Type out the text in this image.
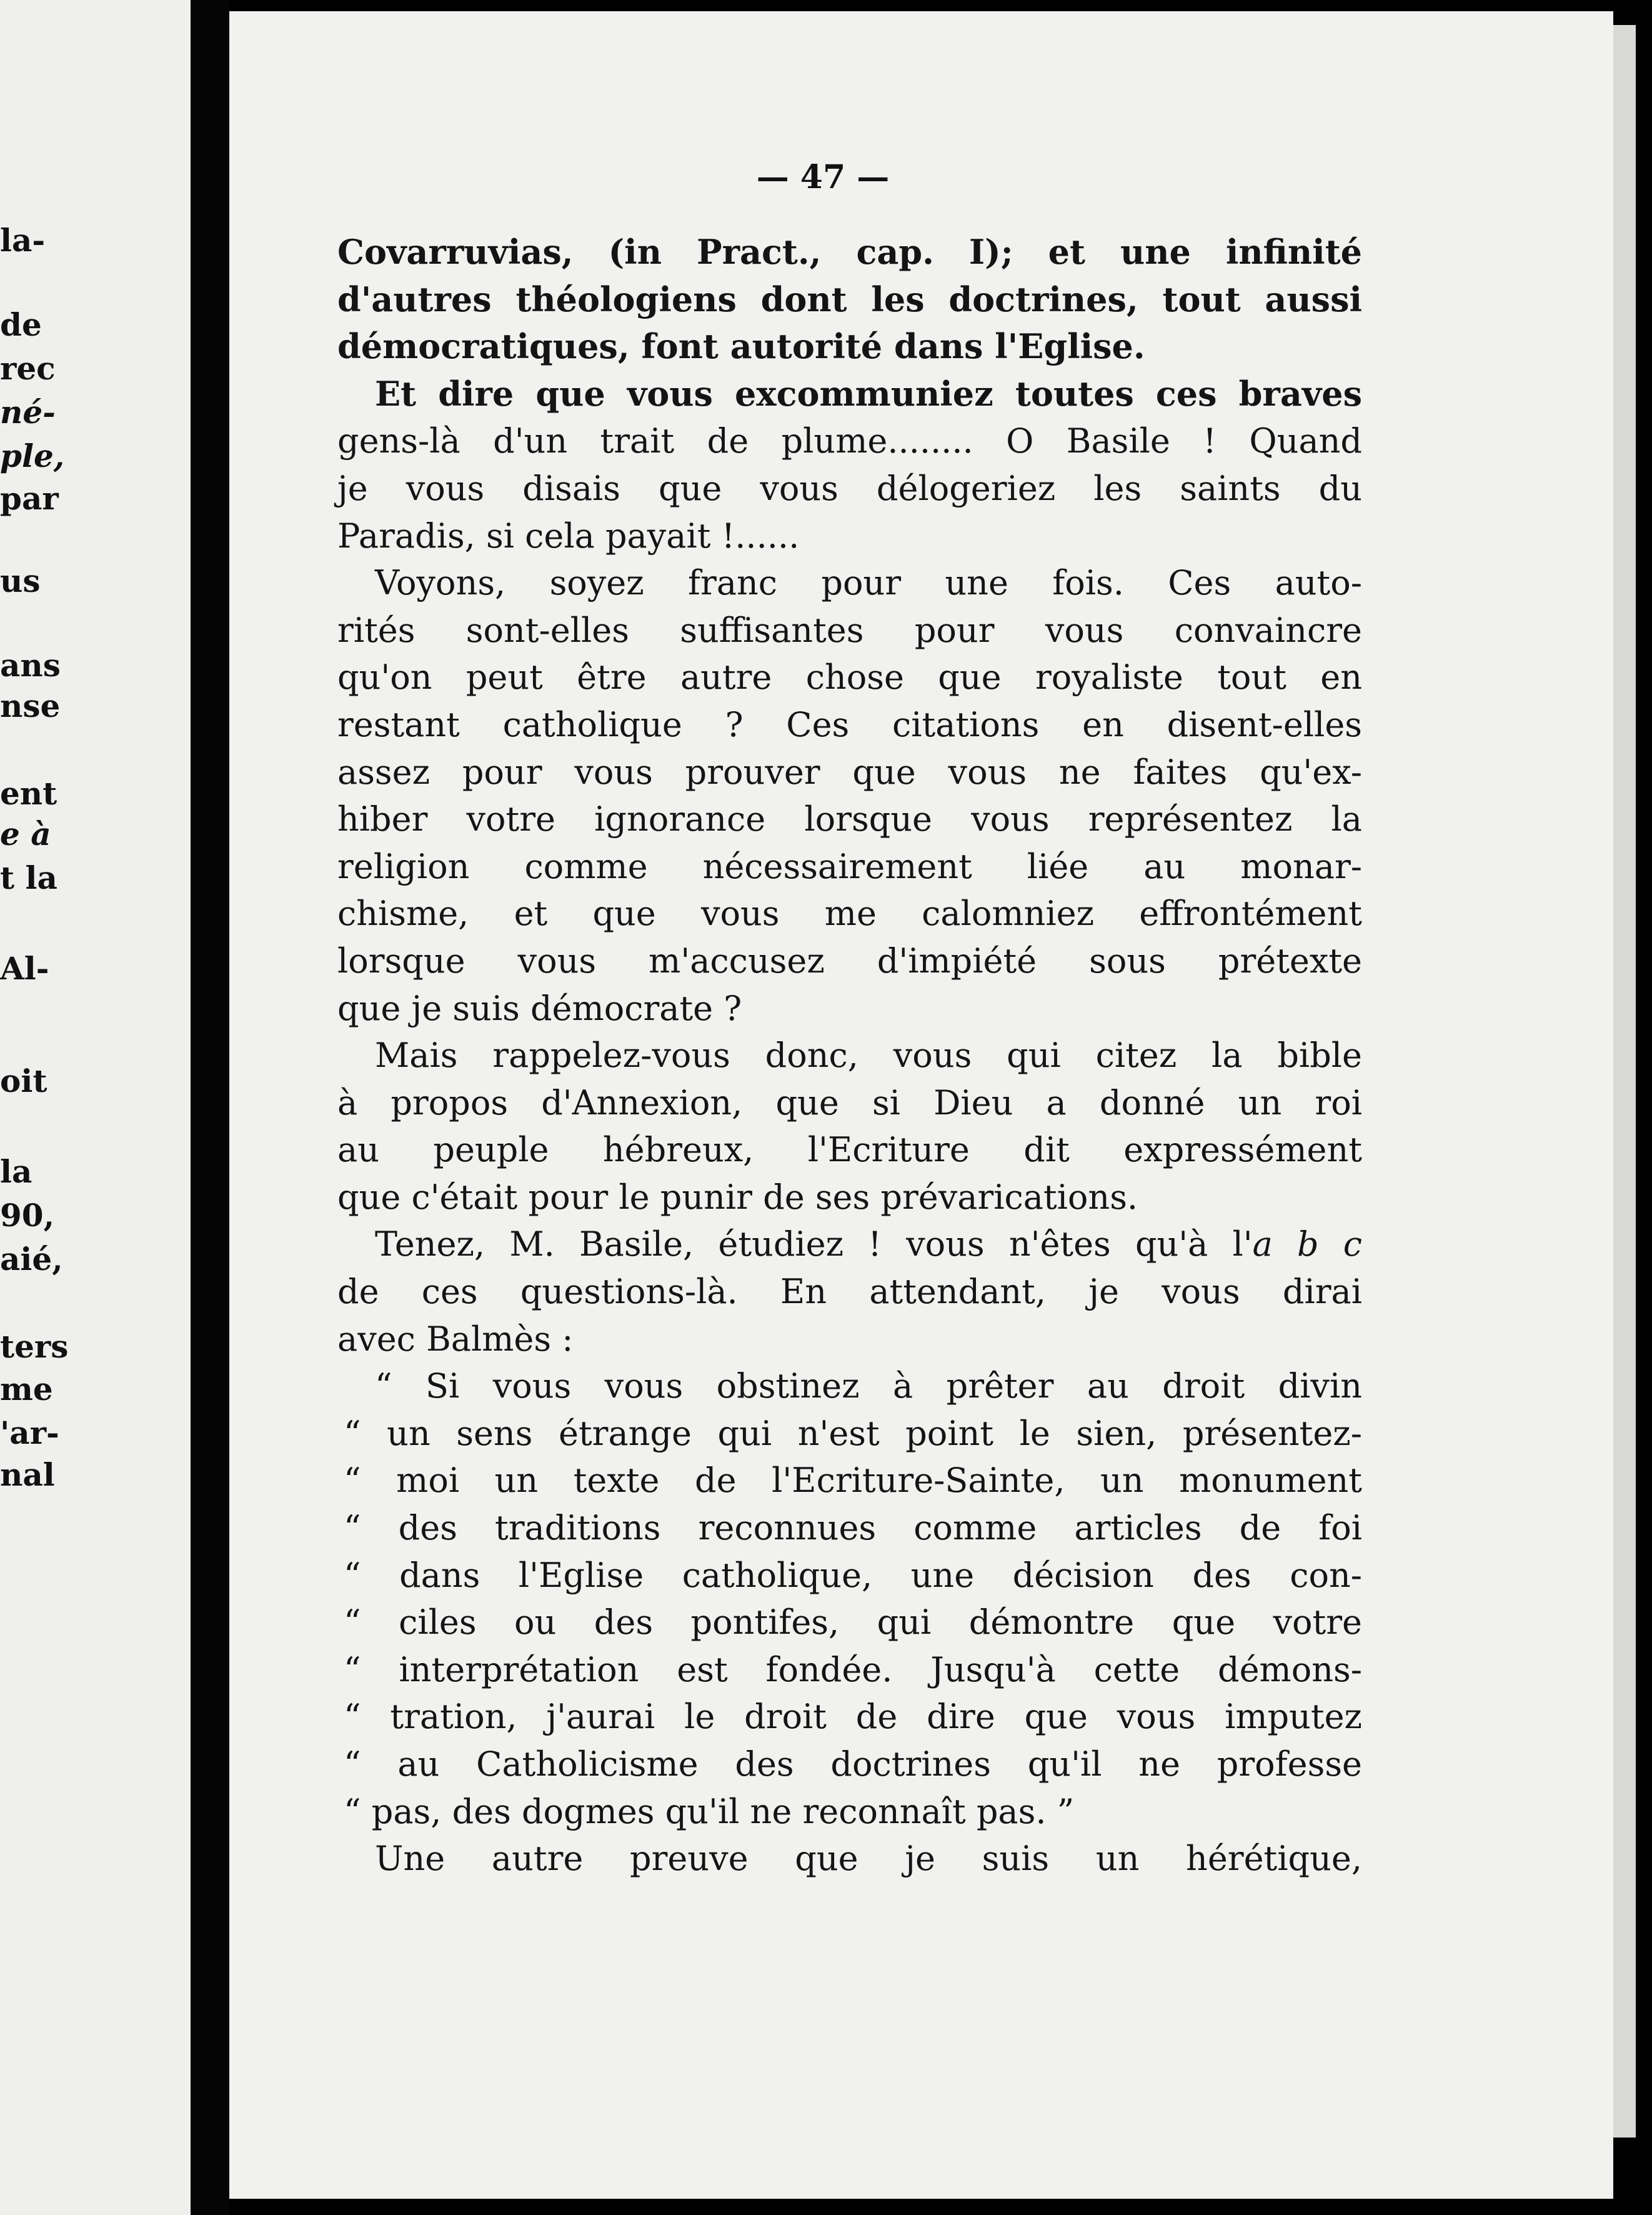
la-
de
rec
né-
ple,
par
us
ans
nse
ent
e à
t la
Al-
oit
la
90,
aié,
ters
me
'ar-
nal
— 47 —
Covarruvias, (in Pract., cap. I); et une infinité
d'autres théologiens dont les doctrines, tout aussi
démocratiques, font autorité dans l'Eglise.
Et dire que vous excommuniez toutes ces braves
gens-là d'un trait de plume........ O Basile ! Quand
je vous disais que vous délogeriez les saints du
Paradis, si cela payait !......
Voyons, soyez franc pour une fois. Ces auto-
rités sont-elles suffisantes pour vous convaincre
qu'on peut être autre chose que royaliste tout en
restant catholique ? Ces citations en disent-elles
assez pour vous prouver que vous ne faites qu'ex-
hiber votre ignorance lorsque vous représentez la
religion comme nécessairement liée au monar-
chisme, et que vous me calomniez effrontément
lorsque vous m'accusez d'impiété sous prétexte
que je suis démocrate ?
Mais rappelez-vous donc, vous qui citez la bible
à propos d'Annexion, que si Dieu a donné un roi
au peuple hébreux, l'Ecriture dit expressément
que c'était pour le punir de ses prévarications.
Tenez, M. Basile, étudiez ! vous n'êtes qu'à l'a b c
de ces questions-là. En attendant, je vous dirai
avec Balmès :
“ Si vous vous obstinez à prêter au droit divin
“ un sens étrange qui n'est point le sien, présentez-
“ moi un texte de l'Ecriture-Sainte, un monument
“ des traditions reconnues comme articles de foi
“ dans l'Eglise catholique, une décision des con-
“ ciles ou des pontifes, qui démontre que votre
“ interprétation est fondée. Jusqu'à cette démons-
“ tration, j'aurai le droit de dire que vous imputez
“ au Catholicisme des doctrines qu'il ne professe
“ pas, des dogmes qu'il ne reconnaît pas. ”
Une autre preuve que je suis un hérétique,
